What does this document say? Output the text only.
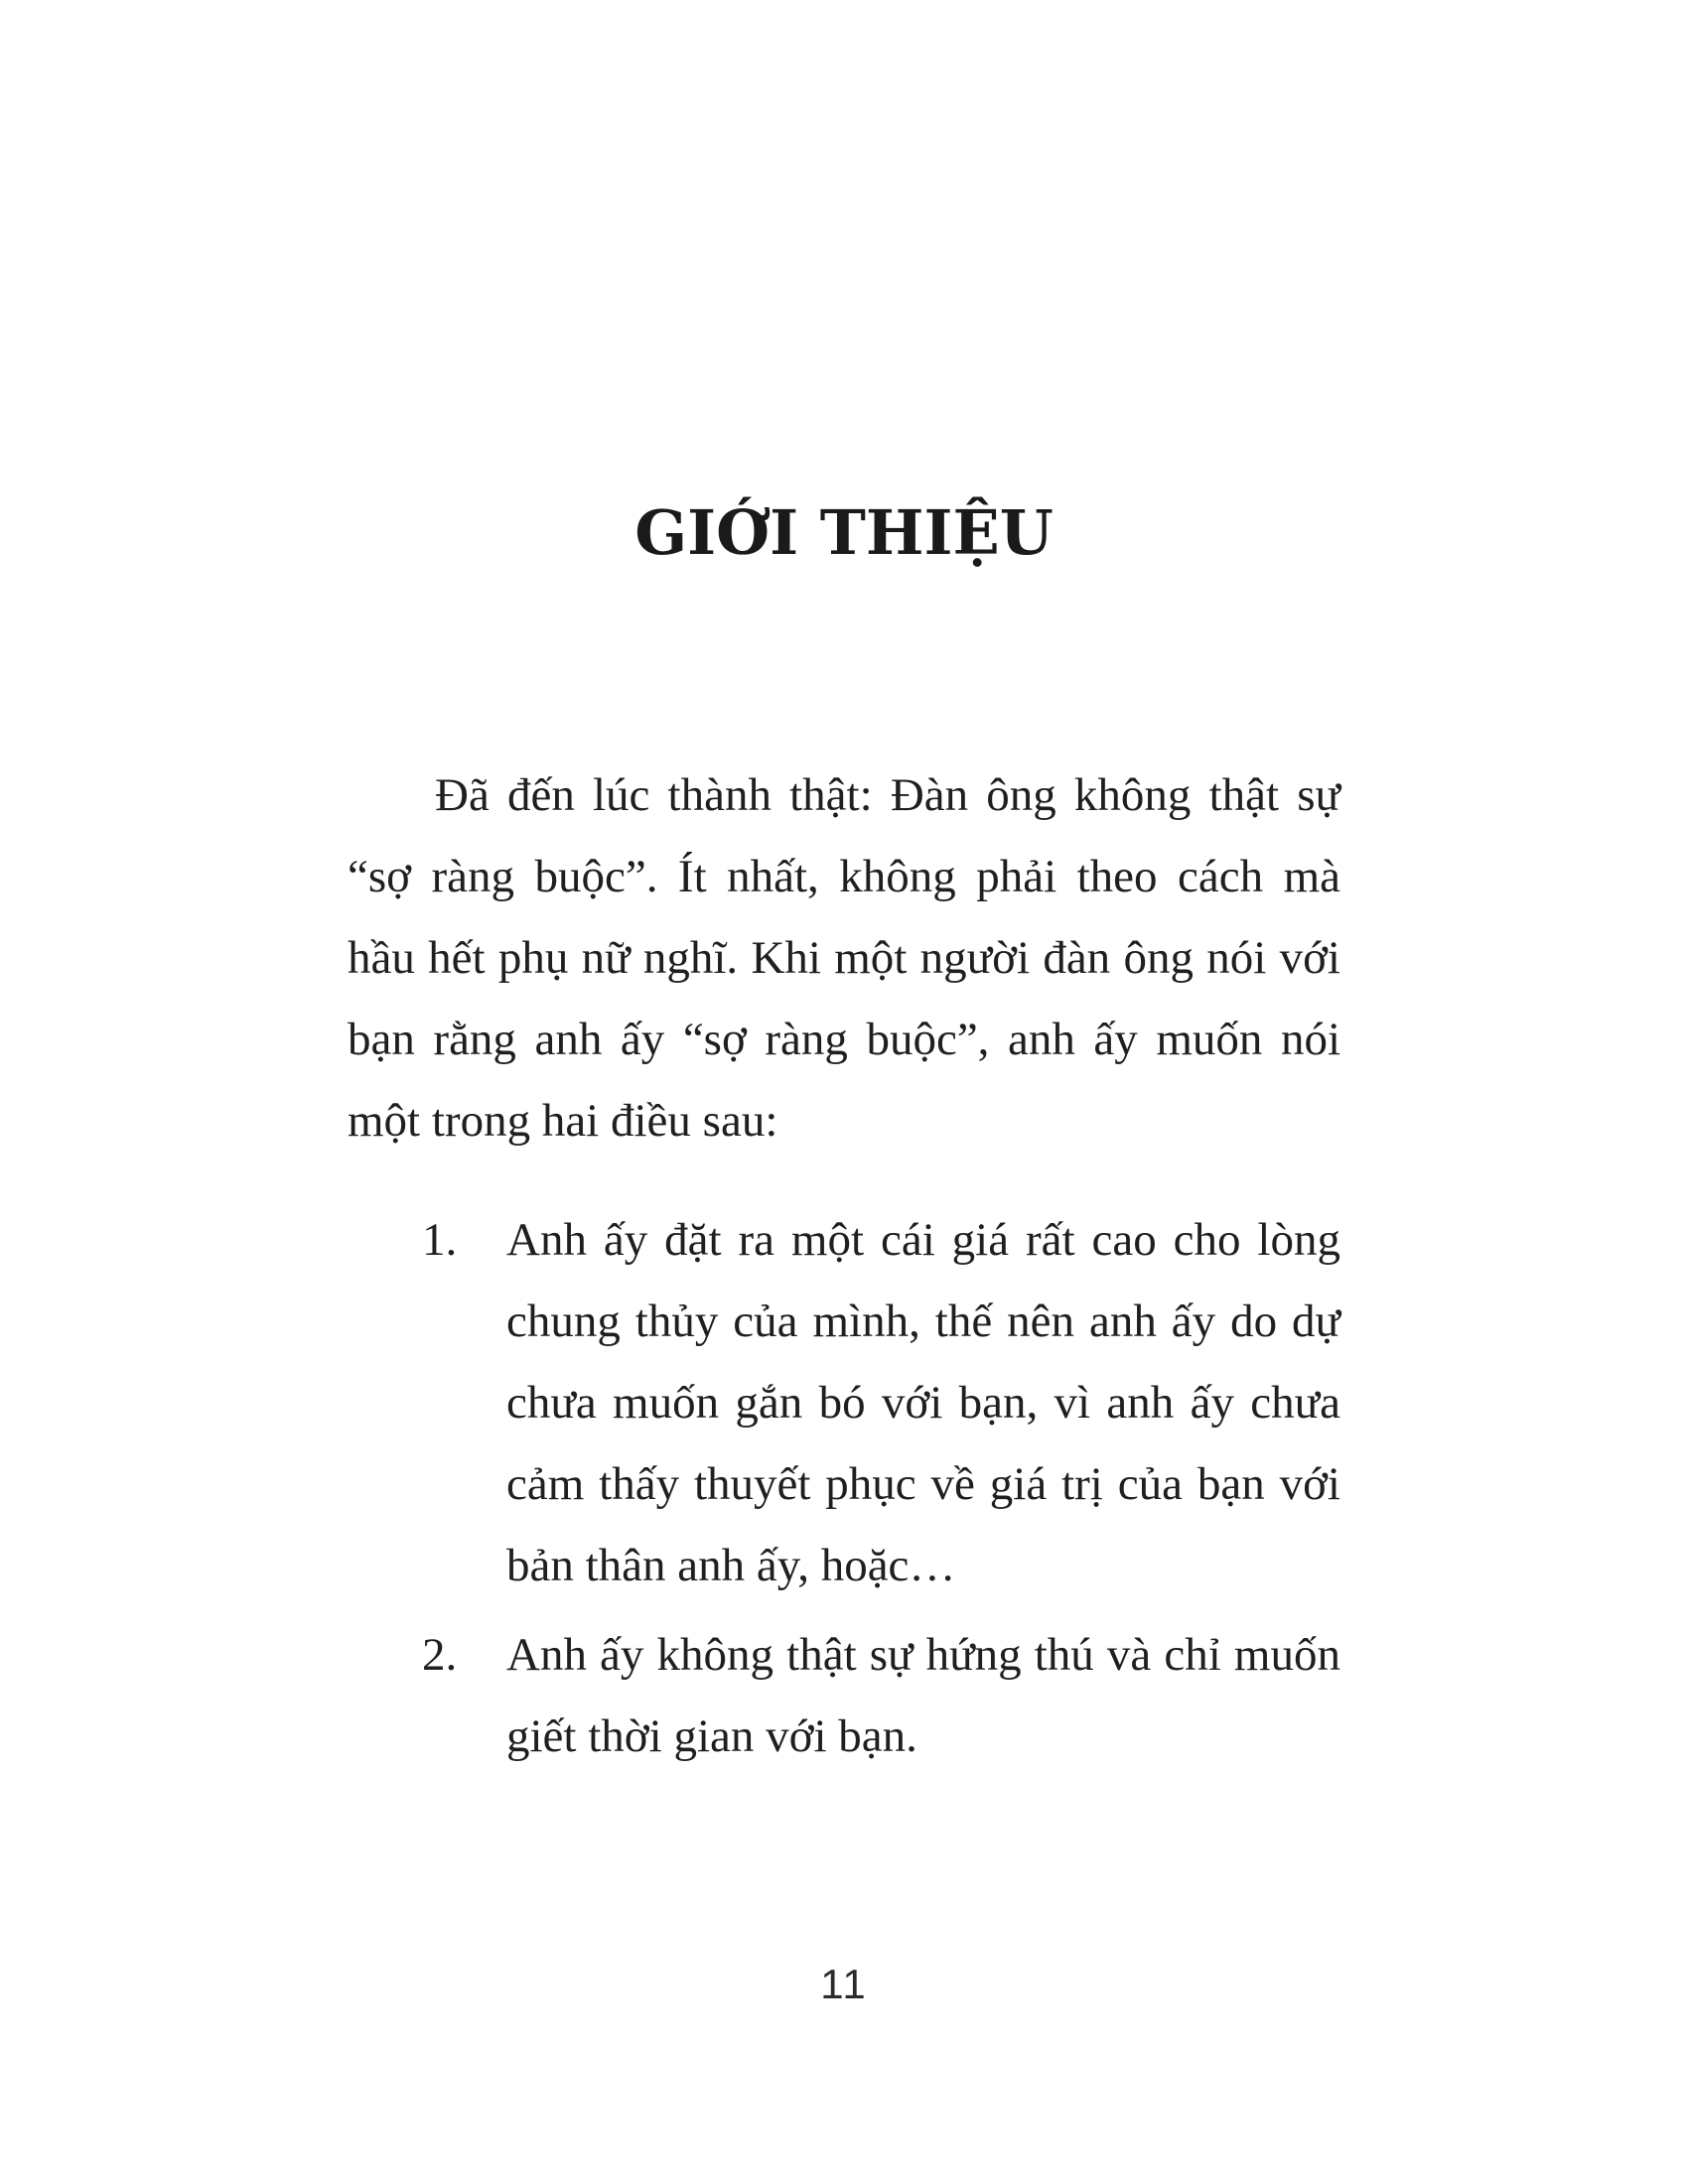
GIỚI THIỆU

Đã đến lúc thành thật: Đàn ông không thật sự “sợ ràng buộc”. Ít nhất, không phải theo cách mà hầu hết phụ nữ nghĩ. Khi một người đàn ông nói với bạn rằng anh ấy “sợ ràng buộc”, anh ấy muốn nói một trong hai điều sau:

1. Anh ấy đặt ra một cái giá rất cao cho lòng chung thủy của mình, thế nên anh ấy do dự chưa muốn gắn bó với bạn, vì anh ấy chưa cảm thấy thuyết phục về giá trị của bạn với bản thân anh ấy, hoặc…
2. Anh ấy không thật sự hứng thú và chỉ muốn giết thời gian với bạn.
11
